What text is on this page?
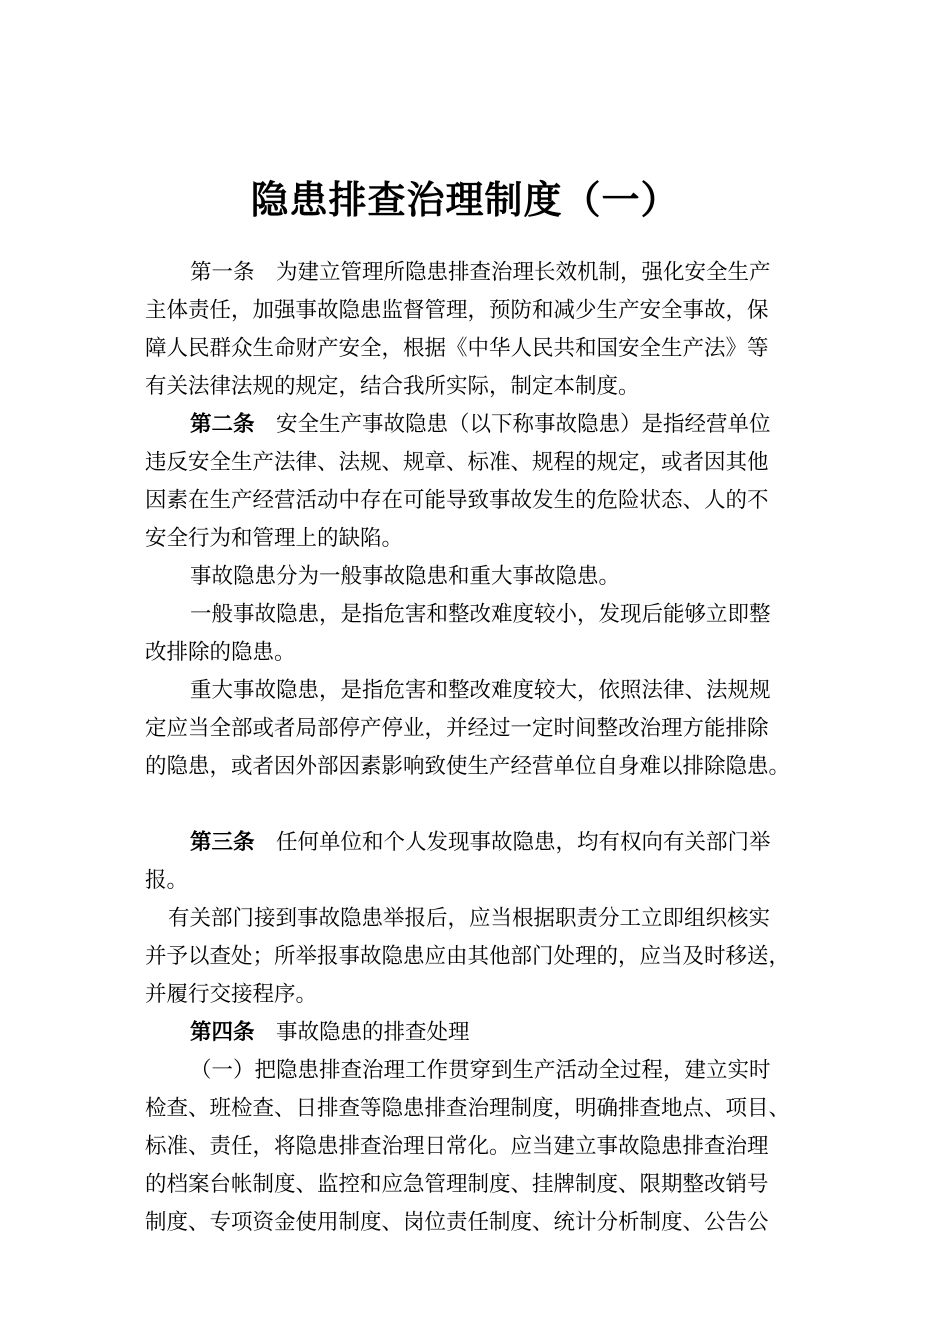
隐患排查治理制度（一）
第一条　为建立管理所隐患排查治理长效机制，强化安全生产
主体责任，加强事故隐患监督管理，预防和减少生产安全事故，保
障人民群众生命财产安全，根据《中华人民共和国安全生产法》等
有关法律法规的规定，结合我所实际，制定本制度。
第二条　安全生产事故隐患（以下称事故隐患）是指经营单位
违反安全生产法律、法规、规章、标准、规程的规定，或者因其他
因素在生产经营活动中存在可能导致事故发生的危险状态、人的不
安全行为和管理上的缺陷。
事故隐患分为一般事故隐患和重大事故隐患。
一般事故隐患，是指危害和整改难度较小，发现后能够立即整
改排除的隐患。
重大事故隐患，是指危害和整改难度较大，依照法律、法规规
定应当全部或者局部停产停业，并经过一定时间整改治理方能排除
的隐患，或者因外部因素影响致使生产经营单位自身难以排除隐患。
第三条　任何单位和个人发现事故隐患，均有权向有关部门举
报。
有关部门接到事故隐患举报后，应当根据职责分工立即组织核实
并予以查处；所举报事故隐患应由其他部门处理的，应当及时移送，
并履行交接程序。
第四条　事故隐患的排查处理
（一）把隐患排查治理工作贯穿到生产活动全过程，建立实时
检查、班检查、日排查等隐患排查治理制度，明确排查地点、项目、
标准、责任，将隐患排查治理日常化。应当建立事故隐患排查治理
的档案台帐制度、监控和应急管理制度、挂牌制度、限期整改销号
制度、专项资金使用制度、岗位责任制度、统计分析制度、公告公
